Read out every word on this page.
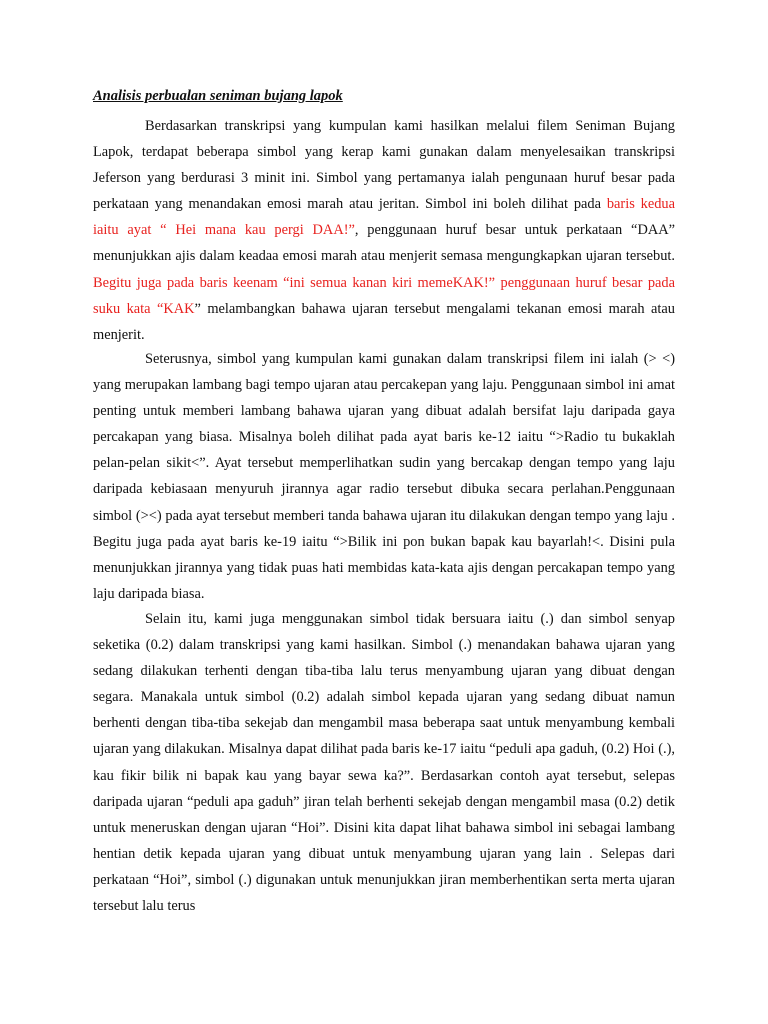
Analisis perbualan seniman bujang lapok

Berdasarkan transkripsi yang kumpulan kami hasilkan melalui filem Seniman Bujang Lapok, terdapat beberapa simbol yang kerap kami gunakan dalam menyelesaikan transkripsi Jeferson yang berdurasi 3 minit ini. Simbol yang pertamanya ialah pengunaan huruf besar pada perkataan yang menandakan emosi marah atau jeritan. Simbol ini boleh dilihat pada baris kedua iaitu ayat “ Hei mana kau pergi DAA!”, penggunaan huruf besar untuk perkataan “DAA” menunjukkan ajis dalam keadaa emosi marah atau menjerit semasa mengungkapkan ujaran tersebut. Begitu juga pada baris keenam “ini semua kanan kiri memeKAK!” penggunaan huruf besar pada suku kata “KAK” melambangkan bahawa ujaran tersebut mengalami tekanan emosi marah atau menjerit.

Seterusnya, simbol yang kumpulan kami gunakan dalam transkripsi filem ini ialah (> <) yang merupakan lambang bagi tempo ujaran atau percakepan yang laju. Penggunaan simbol ini amat penting untuk memberi lambang bahawa ujaran yang dibuat adalah bersifat laju daripada gaya percakapan yang biasa. Misalnya boleh dilihat pada ayat baris ke-12 iaitu “>Radio tu bukaklah pelan-pelan sikit<”. Ayat tersebut memperlihatkan sudin yang bercakap dengan tempo yang laju daripada kebiasaan menyuruh jirannya agar radio tersebut dibuka secara perlahan.Penggunaan simbol (><) pada ayat tersebut memberi tanda bahawa ujaran itu dilakukan dengan tempo yang laju . Begitu juga pada ayat baris ke-19 iaitu “>Bilik ini pon bukan bapak kau bayarlah!<. Disini pula menunjukkan jirannya yang tidak puas hati membidas kata-kata ajis dengan percakapan tempo yang laju daripada biasa.

Selain itu, kami juga menggunakan simbol tidak bersuara iaitu (.) dan simbol senyap seketika (0.2) dalam transkripsi yang kami hasilkan. Simbol (.) menandakan bahawa ujaran yang sedang dilakukan terhenti dengan tiba-tiba lalu terus menyambung ujaran yang dibuat dengan segara. Manakala untuk simbol (0.2) adalah simbol kepada ujaran yang sedang dibuat namun berhenti dengan tiba-tiba sekejab dan mengambil masa beberapa saat untuk menyambung kembali ujaran yang dilakukan. Misalnya dapat dilihat pada baris ke-17 iaitu “peduli apa gaduh, (0.2) Hoi (.), kau fikir bilik ni bapak kau yang bayar sewa ka?”. Berdasarkan contoh ayat tersebut, selepas daripada ujaran “peduli apa gaduh” jiran telah berhenti sekejab dengan mengambil masa (0.2) detik untuk meneruskan dengan ujaran “Hoi”. Disini kita dapat lihat bahawa simbol ini sebagai lambang hentian detik kepada ujaran yang dibuat untuk menyambung ujaran yang lain . Selepas dari perkataan “Hoi”, simbol (.) digunakan untuk menunjukkan jiran memberhentikan serta merta ujaran tersebut lalu terus
